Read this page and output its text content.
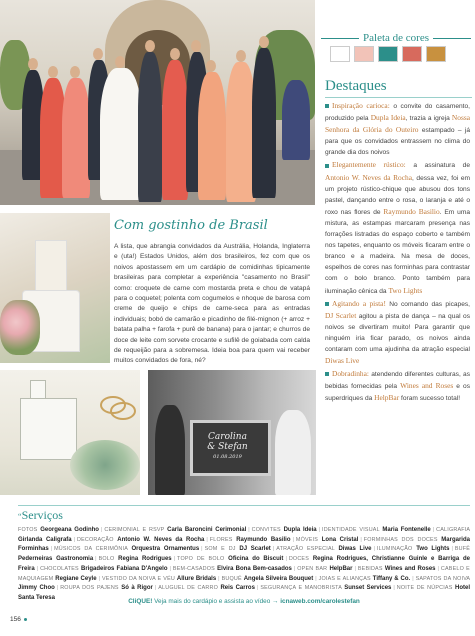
Paleta de cores
Destaques

Inspiração carioca: o convite do casamento, produzido pela Dupla Ideia, trazia a igreja Nossa Senhora da Glória do Outeiro estampado – já para que os convidados entrassem no clima do grande dia dos noivos

Elegantemente rústico: a assinatura de Antonio W. Neves da Rocha, dessa vez, foi em um projeto rústico-chique que abusou dos tons pastel, dançando entre o rosa, o laranja e até o roxo nas flores de Raymundo Basilio. Em uma mistura, as estampas marcaram presença nas forrações listradas do espaço coberto e também nos tapetes, enquanto os móveis ficaram entre o branco e a madeira. Na mesa de doces, espelhos de cores nas forminhas para contrastar com o bolo branco. Ponto também para iluminação cênica da Two Lights

Agitando a pista! No comando das picapes, DJ Scarlet agitou a pista de dança – na qual os noivos se divertiram muito! Para garantir que ninguém iria ficar parado, os noivos ainda contaram com uma ajudinha da atração especial Diwas Live

Dobradinha: atendendo diferentes culturas, as bebidas fornecidas pela Wines and Roses e os superdriques da HelpBar foram sucesso total!

Com gostinho de Brasil
A lista, que abrangia convidados da Austrália, Holanda, Inglaterra e (uta!) Estados Unidos, além dos brasileiros, fez com que os noivos apostassem em um cardápio de comidinhas tipicamente brasileiras para completar a experiência "casamento no Brasil" como: croquete de carne com mostarda preta e chou de vatapá para o coquetel; polenta com cogumelos e nhoque de barosa com creme de queijo e chips de carne-seca para as entradas individuais; bobó de camarão e picadinho de filé-mignon (+ arroz + batata palha + farofa + purê de banana) para o jantar; e churros de doce de leite com sorvete crocante e sufilê de goiabada com calda de requeijão para a sobremesa. Ideia boa para quem vai receber muitos convidados de fora, né?
Carolina
& Stefan
01.08.2019
“Serviços
FOTOS Georgeana Godinho | CERIMONIAL E RSVP Carla Baroncini Cerimonial | CONVITES Dupla Ideia | IDENTIDADE VISUAL Maria Fontenelle | CALIGRAFIA Girlanda Caligrafa | DECORAÇÃO Antonio W. Neves da Rocha | FLORES Raymundo Basilio | MÓVEIS Lona Cristal | FORMINHAS DOS DOCES Margarida Forminhas | MÚSICOS DA CERIMÔNIA Orquestra Ornamentus | SOM E DJ DJ Scarlet | ATRAÇÃO ESPECIAL Diwas Live | ILUMINAÇÃO Two Lights | BUFÊ Pederneiras Gastronomia | BOLO Regina Rodrigues | TOPO DE BOLO Oficina do Biscuit | DOCES Regina Rodrigues, Christianne Guinle e Barriga de Freira | CHOCOLATES Brigadeiros Fabiana D'Angelo | BEM-CASADOS Elvira Bona Bem-casados | OPEN BAR HelpBar | BEBIDAS Wines and Roses | CABELO E MAQUIAGEM Regiane Ceyle | VESTIDO DA NOIVA E VÉU Allure Bridals | BUQUÊ Angela Silveira Bouquet | JOIAS E ALIANÇAS Tiffany & Co. | SAPATOS DA NOIVA Jimmy Choo | ROUPA DOS PAJENS Só à Rigor | ALUGUEL DE CARRO Reis Carros | SEGURANÇA E MANOBRISTA Sunset Services | NOITE DE NÚPCIAS Hotel Santa Teresa
CliQUE! Veja mais do cardápio e assista ao vídeo → icnaweb.com/carolestefan
156
